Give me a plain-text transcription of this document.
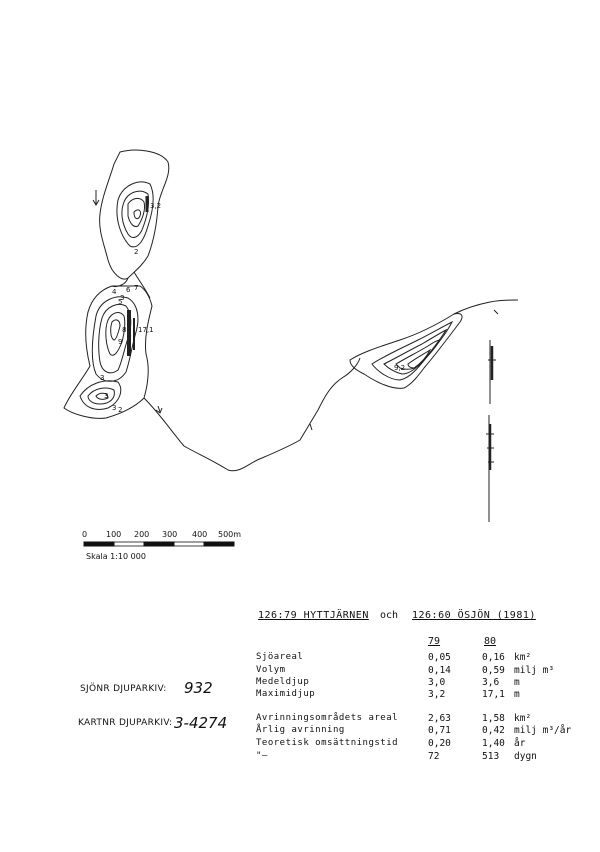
3,2
17,1
9,2
2
3
3
4
5
6 7
8
9
3
3 2
0 100 200 300 400 500m
Skala 1:10 000
126:79 HYTTJÄRNEN och 126:60 ÖSJÖN (1981)
79	80
Sjöareal	0,05	0,16 km²
Volym	0,14	0,59 milj m³
Medeldjup	3,0	3,6 m
Maximidjup	3,2	17,1 m
Avrinningsområdets areal	2,63	1,58 km²
Årlig avrinning	0,71	0,42 milj m³/år
Teoretisk omsättningstid	0,20	1,40 år
"–	72	513 dygn
SJÖNR DJUPARKIV: 932
KARTNR DJUPARKIV: 3-4274
